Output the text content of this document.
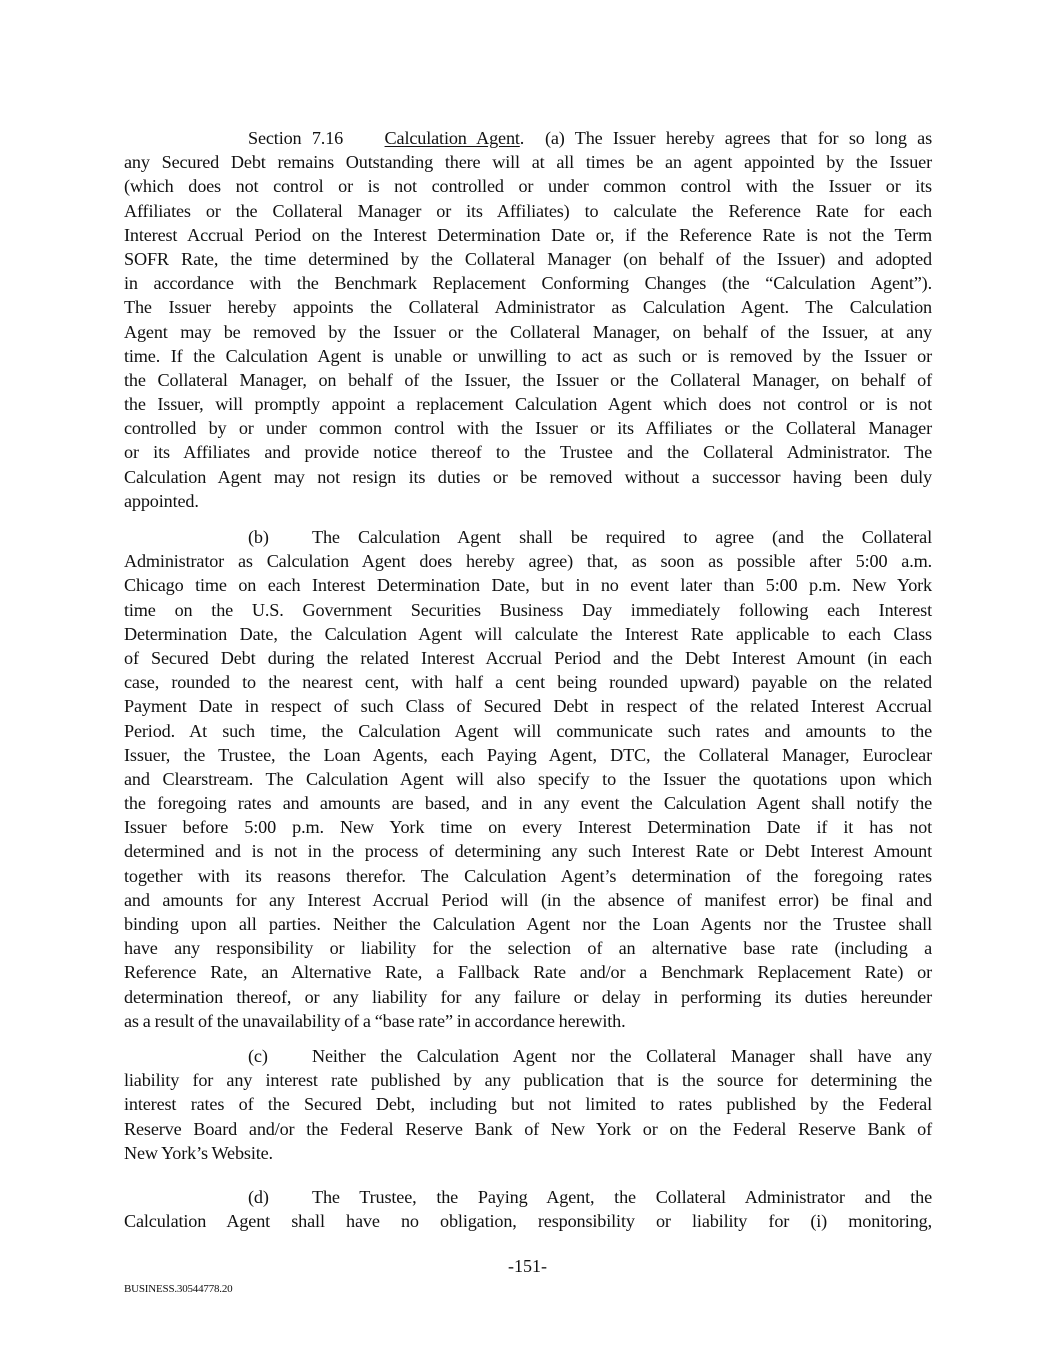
Section 7.16 Calculation Agent. (a) The Issuer hereby agrees that for so long as
any Secured Debt remains Outstanding there will at all times be an agent appointed by the Issuer
(which does not control or is not controlled or under common control with the Issuer or its
Affiliates or the Collateral Manager or its Affiliates) to calculate the Reference Rate for each
Interest Accrual Period on the Interest Determination Date or, if the Reference Rate is not the Term
SOFR Rate, the time determined by the Collateral Manager (on behalf of the Issuer) and adopted
in accordance with the Benchmark Replacement Conforming Changes (the “Calculation Agent”).
The Issuer hereby appoints the Collateral Administrator as Calculation Agent. The Calculation
Agent may be removed by the Issuer or the Collateral Manager, on behalf of the Issuer, at any
time. If the Calculation Agent is unable or unwilling to act as such or is removed by the Issuer or
the Collateral Manager, on behalf of the Issuer, the Issuer or the Collateral Manager, on behalf of
the Issuer, will promptly appoint a replacement Calculation Agent which does not control or is not
controlled by or under common control with the Issuer or its Affiliates or the Collateral Manager
or its Affiliates and provide notice thereof to the Trustee and the Collateral Administrator. The
Calculation Agent may not resign its duties or be removed without a successor having been duly
appointed.
(b) The Calculation Agent shall be required to agree (and the Collateral
Administrator as Calculation Agent does hereby agree) that, as soon as possible after 5:00 a.m.
Chicago time on each Interest Determination Date, but in no event later than 5:00 p.m. New York
time on the U.S. Government Securities Business Day immediately following each Interest
Determination Date, the Calculation Agent will calculate the Interest Rate applicable to each Class
of Secured Debt during the related Interest Accrual Period and the Debt Interest Amount (in each
case, rounded to the nearest cent, with half a cent being rounded upward) payable on the related
Payment Date in respect of such Class of Secured Debt in respect of the related Interest Accrual
Period. At such time, the Calculation Agent will communicate such rates and amounts to the
Issuer, the Trustee, the Loan Agents, each Paying Agent, DTC, the Collateral Manager, Euroclear
and Clearstream. The Calculation Agent will also specify to the Issuer the quotations upon which
the foregoing rates and amounts are based, and in any event the Calculation Agent shall notify the
Issuer before 5:00 p.m. New York time on every Interest Determination Date if it has not
determined and is not in the process of determining any such Interest Rate or Debt Interest Amount
together with its reasons therefor. The Calculation Agent’s determination of the foregoing rates
and amounts for any Interest Accrual Period will (in the absence of manifest error) be final and
binding upon all parties. Neither the Calculation Agent nor the Loan Agents nor the Trustee shall
have any responsibility or liability for the selection of an alternative base rate (including a
Reference Rate, an Alternative Rate, a Fallback Rate and/or a Benchmark Replacement Rate) or
determination thereof, or any liability for any failure or delay in performing its duties hereunder
as a result of the unavailability of a “base rate” in accordance herewith.
(c) Neither the Calculation Agent nor the Collateral Manager shall have any
liability for any interest rate published by any publication that is the source for determining the
interest rates of the Secured Debt, including but not limited to rates published by the Federal
Reserve Board and/or the Federal Reserve Bank of New York or on the Federal Reserve Bank of
New York’s Website.
(d) The Trustee, the Paying Agent, the Collateral Administrator and the
Calculation Agent shall have no obligation, responsibility or liability for (i) monitoring,
-151-
BUSINESS.30544778.20
